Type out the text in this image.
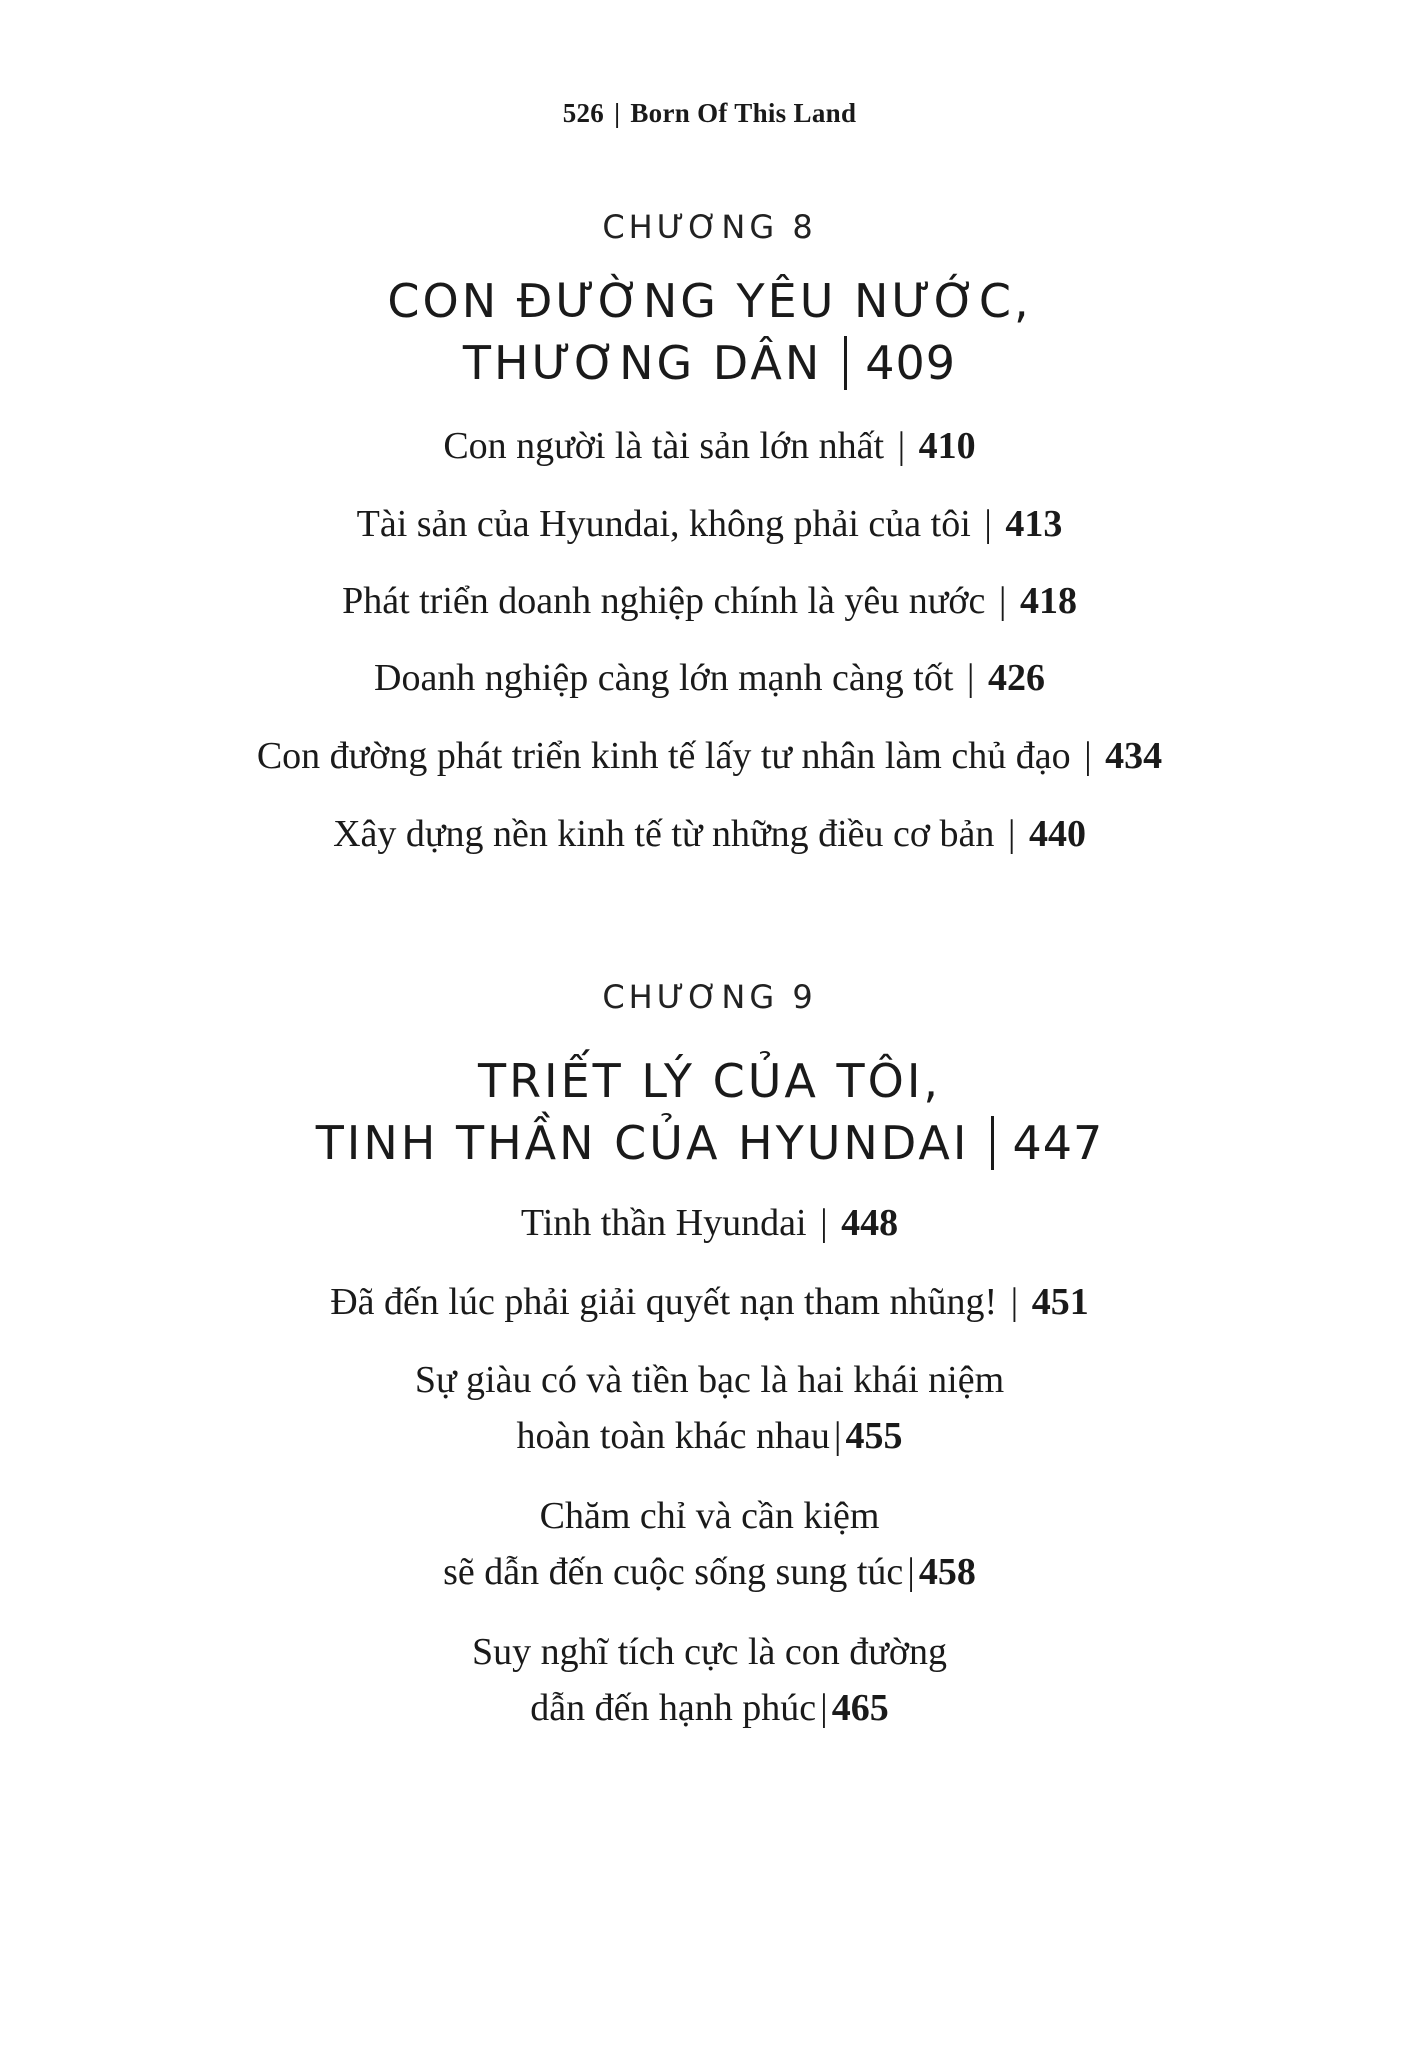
526 | Born Of This Land
CHƯƠNG 8
CON ĐƯỜNG YÊU NƯỚC,
THƯƠNG DÂN 409
Con người là tài sản lớn nhất | 410
Tài sản của Hyundai, không phải của tôi | 413
Phát triển doanh nghiệp chính là yêu nước | 418
Doanh nghiệp càng lớn mạnh càng tốt | 426
Con đường phát triển kinh tế lấy tư nhân làm chủ đạo | 434
Xây dựng nền kinh tế từ những điều cơ bản | 440
CHƯƠNG 9
TRIẾT LÝ CỦA TÔI,
TINH THẦN CỦA HYUNDAI 447
Tinh thần Hyundai | 448
Đã đến lúc phải giải quyết nạn tham nhũng! | 451
Sự giàu có và tiền bạc là hai khái niệm
hoàn toàn khác nhau | 455
Chăm chỉ và cần kiệm
sẽ dẫn đến cuộc sống sung túc | 458
Suy nghĩ tích cực là con đường
dẫn đến hạnh phúc | 465
